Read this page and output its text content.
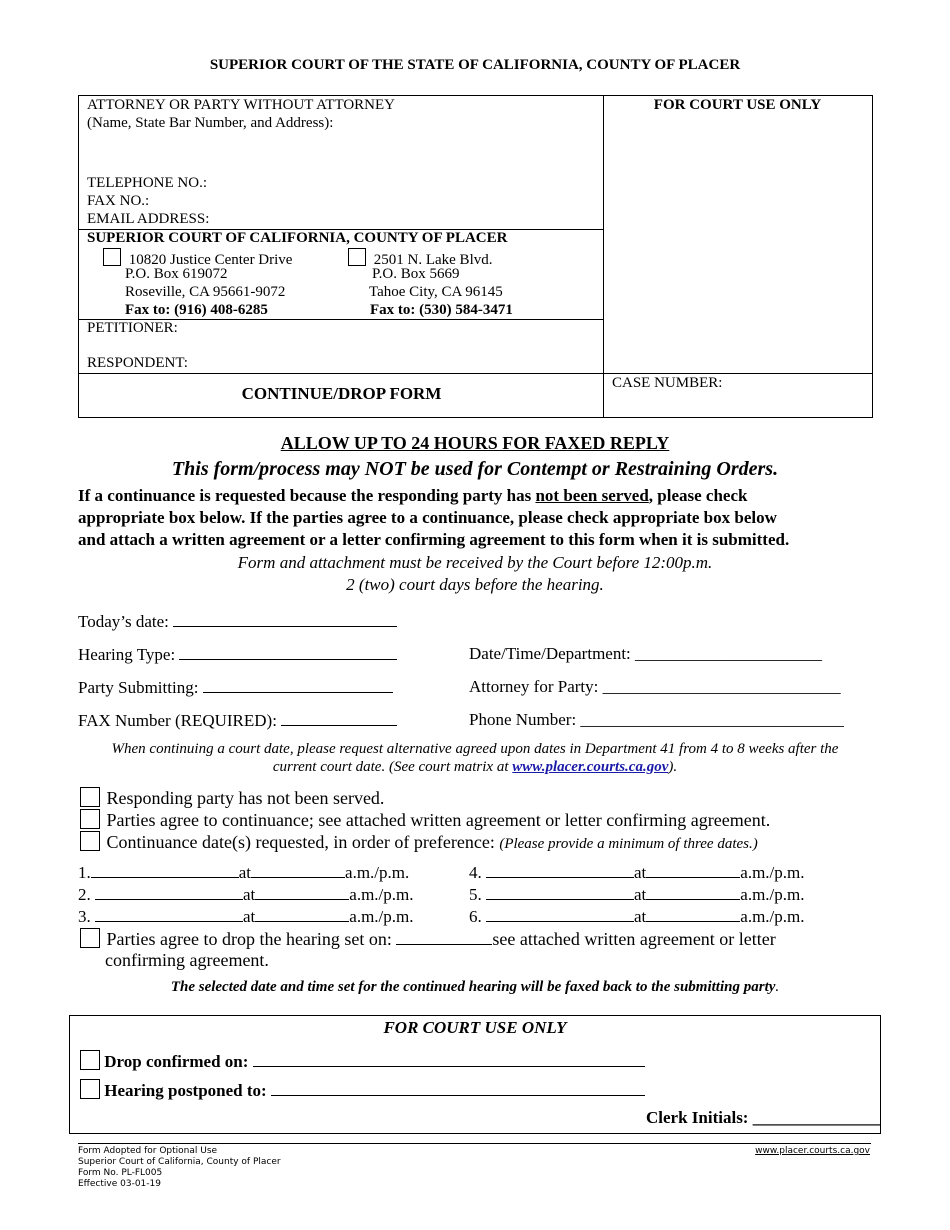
SUPERIOR COURT OF THE STATE OF CALIFORNIA, COUNTY OF PLACER
ATTORNEY OR PARTY WITHOUT ATTORNEY
(Name, State Bar Number, and Address):
TELEPHONE NO.:
FAX NO.:
EMAIL ADDRESS:
FOR COURT USE ONLY
SUPERIOR COURT OF CALIFORNIA, COUNTY OF PLACER
10820 Justice Center Drive
P.O. Box 619072
Roseville, CA 95661-9072
Fax to: (916) 408-6285
2501 N. Lake Blvd.
P.O. Box 5669
Tahoe City, CA 96145
Fax to: (530) 584-3471
PETITIONER:
RESPONDENT:
CONTINUE/DROP FORM
CASE NUMBER:
ALLOW UP TO 24 HOURS FOR FAXED REPLY
This form/process may NOT be used for Contempt or Restraining Orders.
If a continuance is requested because the responding party has not been served, please check
appropriate box below. If the parties agree to a continuance, please check appropriate box below
and attach a written agreement or a letter confirming agreement to this form when it is submitted.
Form and attachment must be received by the Court before 12:00p.m.
2 (two) court days before the hearing.
Today’s date:
Hearing Type:	Date/Time/Department: ______________________
Party Submitting:	Attorney for Party: ____________________________
FAX Number (REQUIRED):	Phone Number: _______________________________
When continuing a court date, please request alternative agreed upon dates in Department 41 from 4 to 8 weeks after the
current court date. (See court matrix at www.placer.courts.ca.gov).
Responding party has not been served.
Parties agree to continuance; see attached written agreement or letter confirming agreement.
Continuance date(s) requested, in order of preference: (Please provide a minimum of three dates.)
1.	at	a.m./p.m.
2.	at	a.m./p.m.
3.	at	a.m./p.m.
4.	at	a.m./p.m.
5.	at	a.m./p.m.
6.	at	a.m./p.m.
Parties agree to drop the hearing set on:	see attached written agreement or letter
confirming agreement.
The selected date and time set for the continued hearing will be faxed back to the submitting party.
FOR COURT USE ONLY
Drop confirmed on:
Hearing postponed to:
Clerk Initials: _______________
Form Adopted for Optional Use
Superior Court of California, County of Placer
Form No. PL-FL005
Effective 03-01-19
www.placer.courts.ca.gov
